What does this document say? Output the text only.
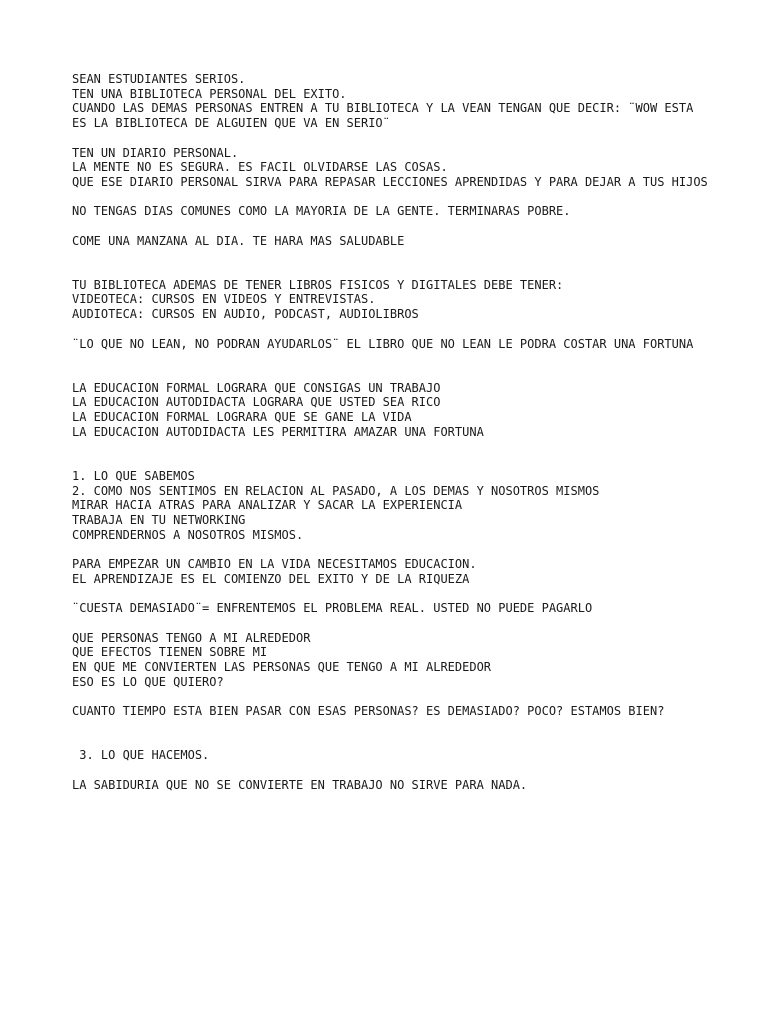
SEAN ESTUDIANTES SERIOS.
TEN UNA BIBLIOTECA PERSONAL DEL EXITO.
CUANDO LAS DEMAS PERSONAS ENTREN A TU BIBLIOTECA Y LA VEAN TENGAN QUE DECIR: ¨WOW ESTA ES LA BIBLIOTECA DE ALGUIEN QUE VA EN SERIO¨
TEN UN DIARIO PERSONAL.
LA MENTE NO ES SEGURA. ES FACIL OLVIDARSE LAS COSAS.
QUE ESE DIARIO PERSONAL SIRVA PARA REPASAR LECCIONES APRENDIDAS Y PARA DEJAR A TUS HIJOS
NO TENGAS DIAS COMUNES COMO LA MAYORIA DE LA GENTE. TERMINARAS POBRE.
COME UNA MANZANA AL DIA. TE HARA MAS SALUDABLE
TU BIBLIOTECA ADEMAS DE TENER LIBROS FISICOS Y DIGITALES DEBE TENER:
VIDEOTECA: CURSOS EN VIDEOS Y ENTREVISTAS.
AUDIOTECA: CURSOS EN AUDIO, PODCAST, AUDIOLIBROS
¨LO QUE NO LEAN, NO PODRAN AYUDARLOS¨ EL LIBRO QUE NO LEAN LE PODRA COSTAR UNA FORTUNA
LA EDUCACION FORMAL LOGRARA QUE CONSIGAS UN TRABAJO
LA EDUCACION AUTODIDACTA LOGRARA QUE USTED SEA RICO
LA EDUCACION FORMAL LOGRARA QUE SE GANE LA VIDA
LA EDUCACION AUTODIDACTA LES PERMITIRA AMAZAR UNA FORTUNA
1. LO QUE SABEMOS
2. COMO NOS SENTIMOS EN RELACION AL PASADO, A LOS DEMAS Y NOSOTROS MISMOS
MIRAR HACIA ATRAS PARA ANALIZAR Y SACAR LA EXPERIENCIA
TRABAJA EN TU NETWORKING
COMPRENDERNOS A NOSOTROS MISMOS.
PARA EMPEZAR UN CAMBIO EN LA VIDA NECESITAMOS EDUCACION.
EL APRENDIZAJE ES EL COMIENZO DEL EXITO Y DE LA RIQUEZA
¨CUESTA DEMASIADO¨= ENFRENTEMOS EL PROBLEMA REAL. USTED NO PUEDE PAGARLO
QUE PERSONAS TENGO A MI ALREDEDOR
QUE EFECTOS TIENEN SOBRE MI
EN QUE ME CONVIERTEN LAS PERSONAS QUE TENGO A MI ALREDEDOR
ESO ES LO QUE QUIERO?
CUANTO TIEMPO ESTA BIEN PASAR CON ESAS PERSONAS? ES DEMASIADO? POCO? ESTAMOS BIEN?
3. LO QUE HACEMOS.
LA SABIDURIA QUE NO SE CONVIERTE EN TRABAJO NO SIRVE PARA NADA.
